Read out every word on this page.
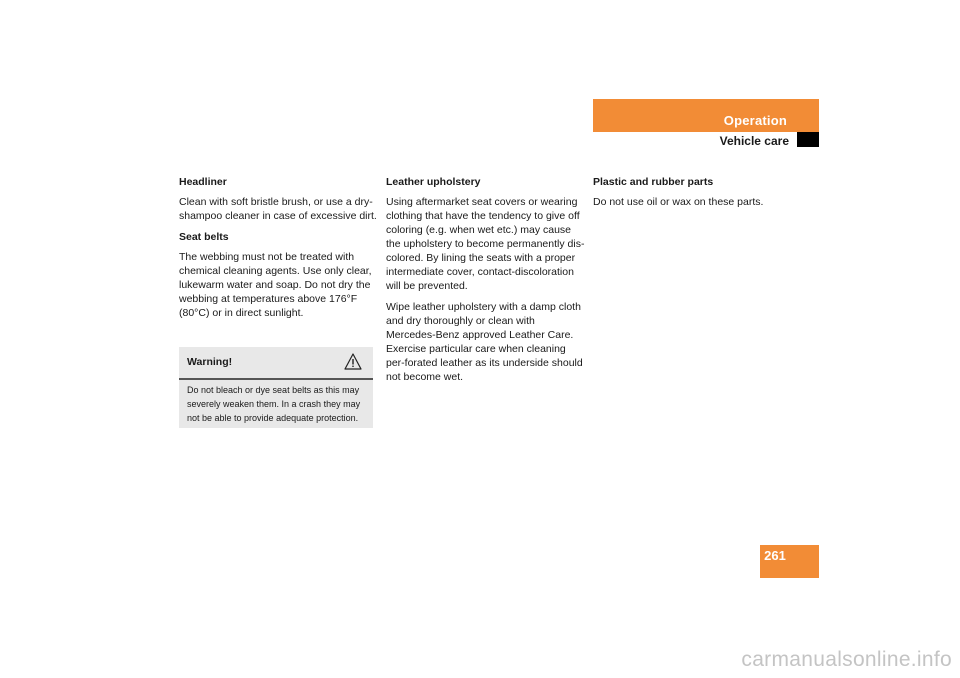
Operation
Vehicle care

Headliner

Clean with soft bristle brush, or use a dry-shampoo cleaner in case of excessive dirt.

Seat belts

The webbing must not be treated with chemical cleaning agents. Use only clear, lukewarm water and soap. Do not dry the webbing at temperatures above 176°F (80°C) or in direct sunlight.

Warning!
Do not bleach or dye seat belts as this may severely weaken them. In a crash they may not be able to provide adequate protection.

Leather upholstery

Using aftermarket seat covers or wearing clothing that have the tendency to give off coloring (e.g. when wet etc.) may cause the upholstery to become permanently dis-colored. By lining the seats with a proper intermediate cover, contact-discoloration will be prevented.

Wipe leather upholstery with a damp cloth and dry thoroughly or clean with Mercedes-Benz approved Leather Care. Exercise particular care when cleaning per-forated leather as its underside should not become wet.

Plastic and rubber parts

Do not use oil or wax on these parts.

261
carmanualsonline.info
